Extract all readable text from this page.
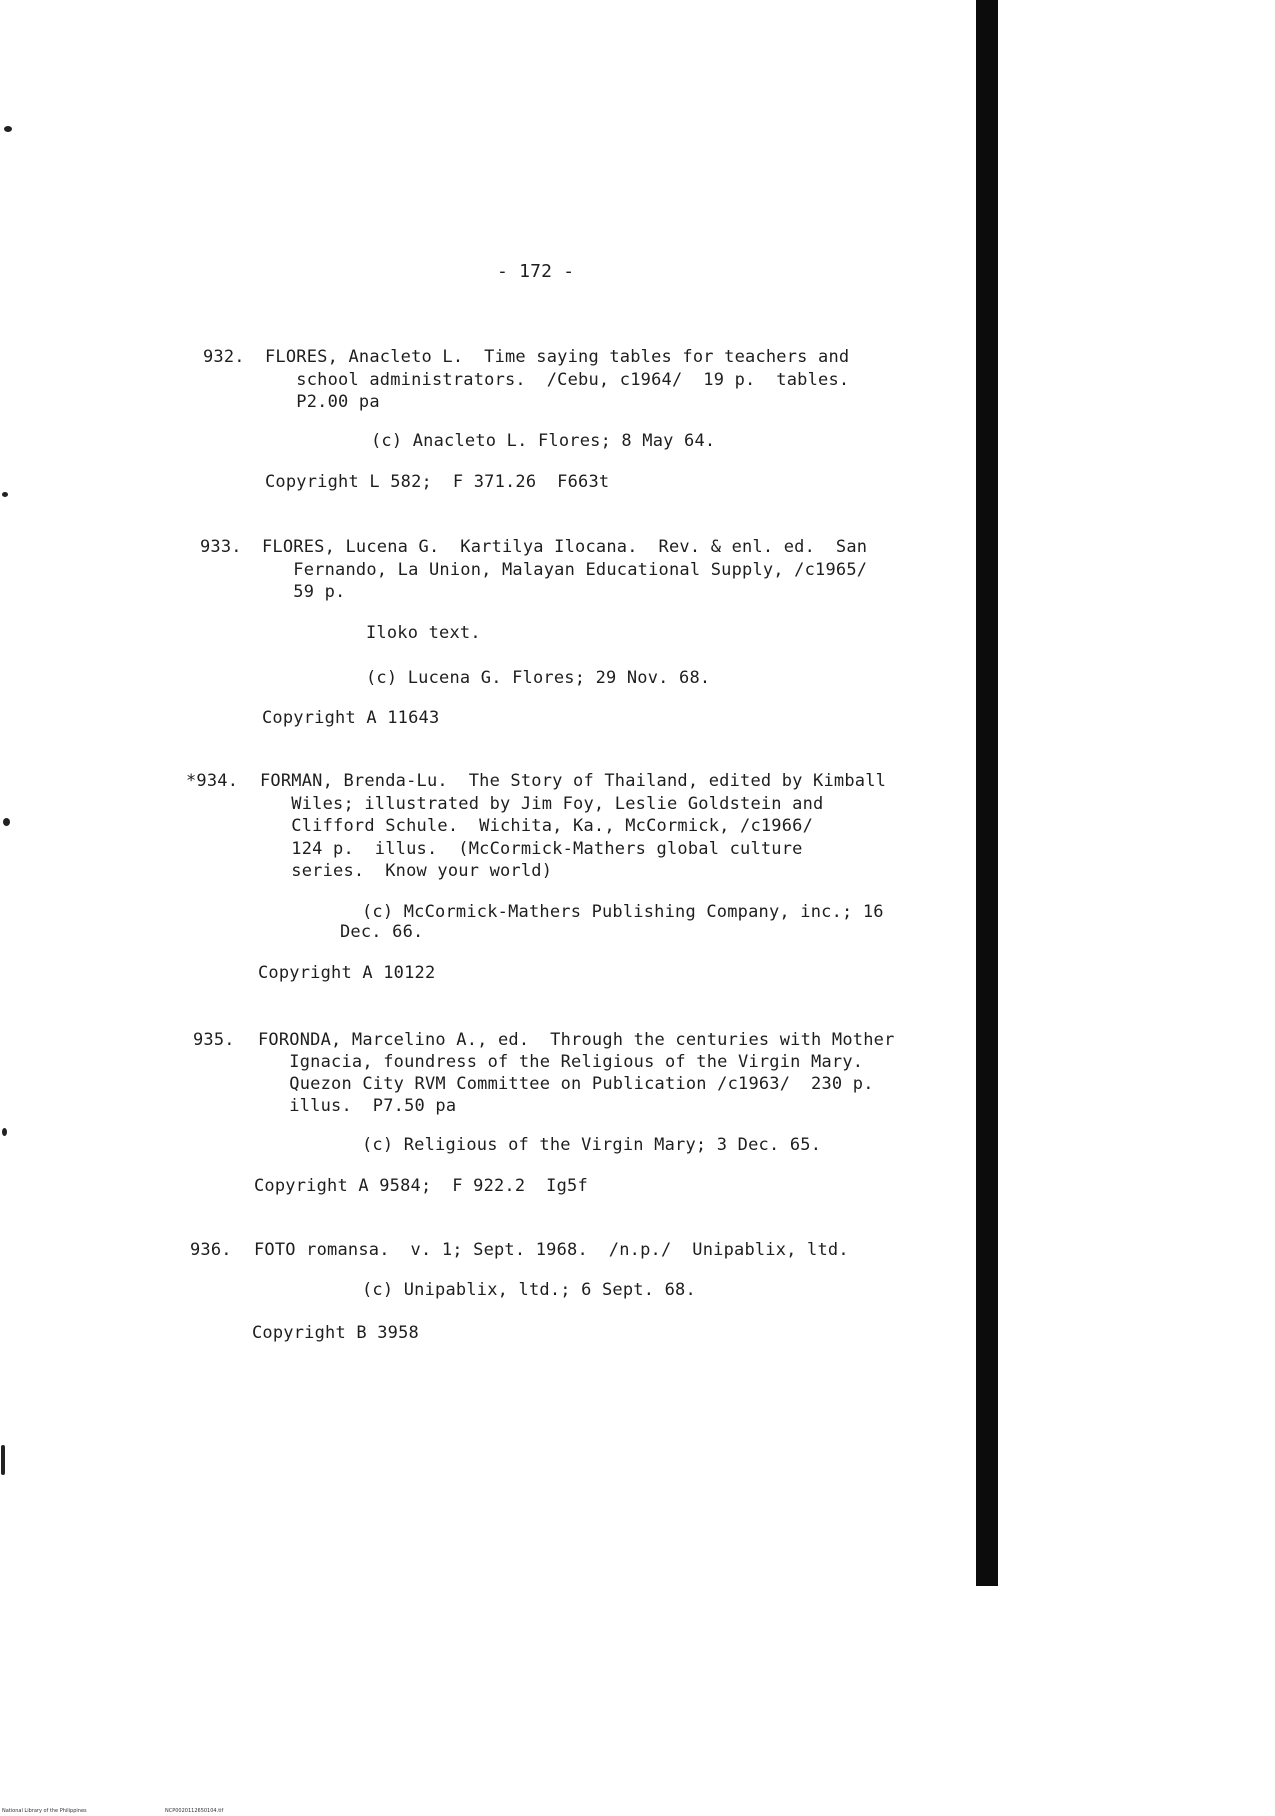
- 172 -
932. FLORES, Anacleto L.  Time saying tables for teachers and
school administrators.  /Cebu, c1964/  19 p.  tables.
P2.00 pa
(c) Anacleto L. Flores; 8 May 64.
Copyright L 582;  F 371.26  F663t
933. FLORES, Lucena G.  Kartilya Ilocana.  Rev. & enl. ed.  San
Fernando, La Union, Malayan Educational Supply, /c1965/
59 p.
Iloko text.
(c) Lucena G. Flores; 29 Nov. 68.
Copyright A 11643
*934. FORMAN, Brenda-Lu.  The Story of Thailand, edited by Kimball
Wiles; illustrated by Jim Foy, Leslie Goldstein and
Clifford Schule.  Wichita, Ka., McCormick, /c1966/
124 p.  illus.  (McCormick-Mathers global culture
series.  Know your world)
(c) McCormick-Mathers Publishing Company, inc.; 16
Dec. 66.
Copyright A 10122
935. FORONDA, Marcelino A., ed.  Through the centuries with Mother
Ignacia, foundress of the Religious of the Virgin Mary.
Quezon City RVM Committee on Publication /c1963/  230 p.
illus.  P7.50 pa
(c) Religious of the Virgin Mary; 3 Dec. 65.
Copyright A 9584;  F 922.2  Ig5f
936. FOTO romansa.  v. 1; Sept. 1968.  /n.p./  Unipablix, ltd.
(c) Unipablix, ltd.; 6 Sept. 68.
Copyright B 3958
National Library of the Philippines	NCP0020112650104.tif
